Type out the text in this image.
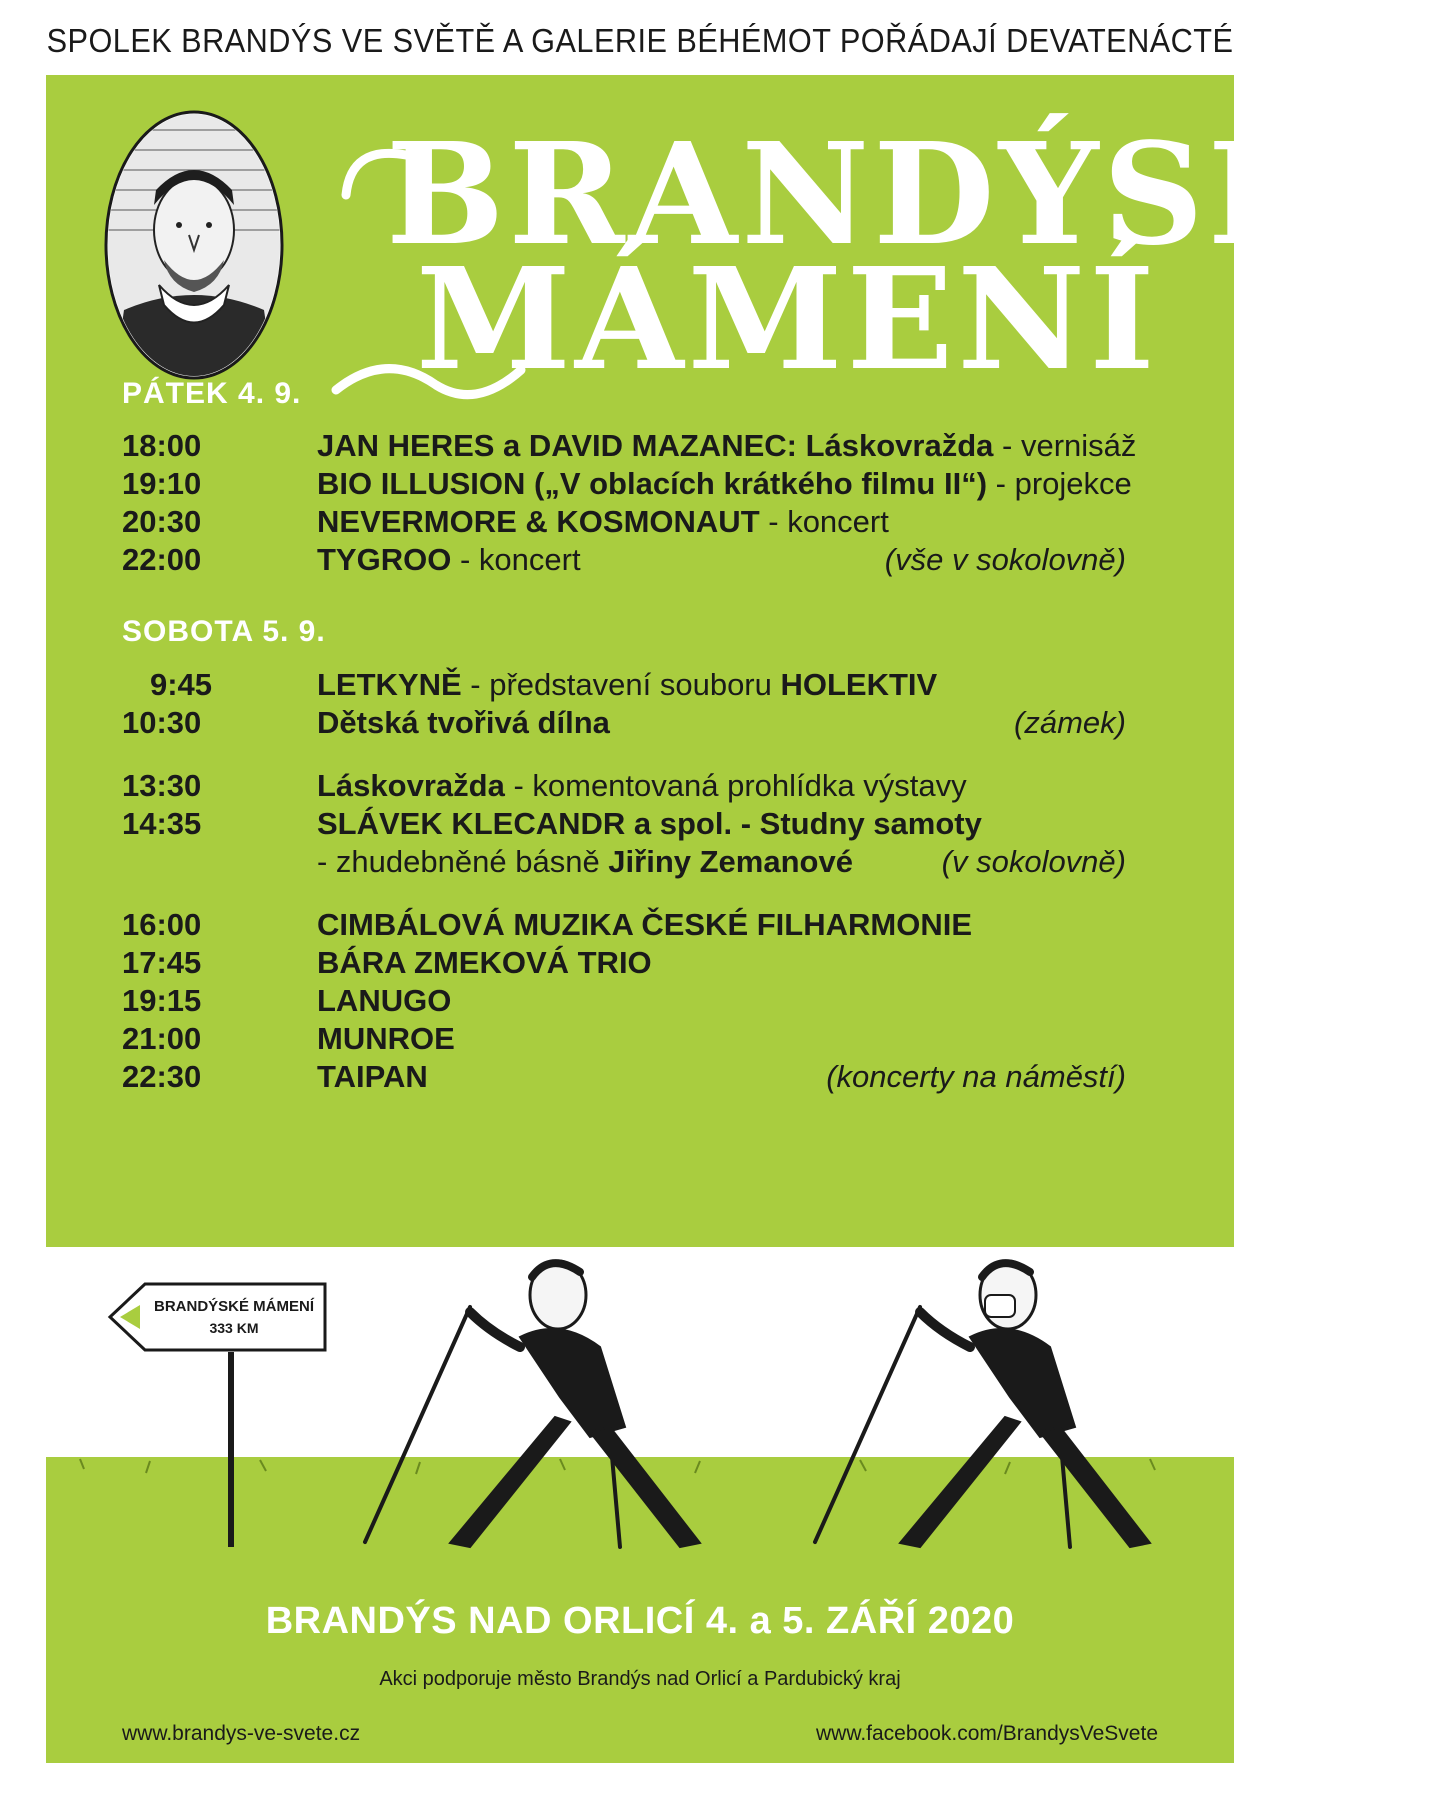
SPOLEK BRANDÝS VE SVĚTĚ A GALERIE BÉHÉMOT POŘÁDAJÍ DEVATENÁCTÉ
BRANDÝSKÉ
MÁMENÍ
PÁTEK 4. 9.
18:00	JAN HERES a DAVID MAZANEC: Láskovražda - vernisáž
19:10	BIO ILLUSION („V oblacích krátkého filmu II“) - projekce
20:30	NEVERMORE & KOSMONAUT - koncert
22:00	TYGROO - koncert	(vše v sokolovně)
SOBOTA 5. 9.
9:45	LETKYNĚ - představení souboru HOLEKTIV
10:30	Dětská tvořivá dílna	(zámek)
13:30	Láskovražda - komentovaná prohlídka výstavy
14:35	SLÁVEK KLECANDR a spol. - Studny samoty
- zhudebněné básně Jiřiny Zemanové	(v sokolovně)
16:00	CIMBÁLOVÁ MUZIKA ČESKÉ FILHARMONIE
17:45	BÁRA ZMEKOVÁ TRIO
19:15	LANUGO
21:00	MUNROE
22:30	TAIPAN	(koncerty na náměstí)
BRANDÝSKÉ MÁMENÍ
333 KM
BRANDÝS NAD ORLICÍ 4. a 5. ZÁŘÍ 2020
Akci podporuje město Brandýs nad Orlicí a Pardubický kraj
www.brandys-ve-svete.cz	www.facebook.com/BrandysVeSvete
